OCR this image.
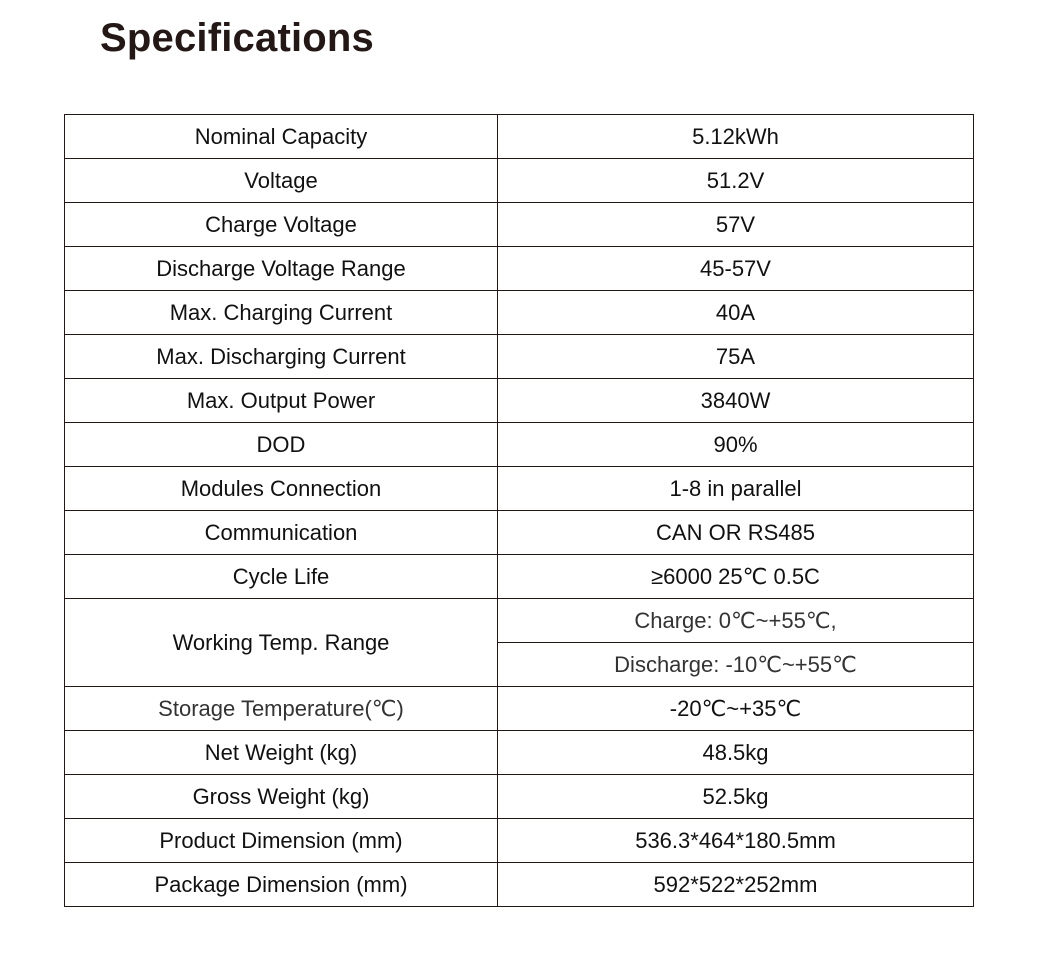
Specifications
Nominal Capacity	5.12kWh
Voltage	51.2V
Charge Voltage	57V
Discharge Voltage Range	45-57V
Max. Charging Current	40A
Max. Discharging Current	75A
Max. Output Power	3840W
DOD	90%
Modules Connection	1-8 in parallel
Communication	CAN OR RS485
Cycle Life	≥6000 25℃ 0.5C
Working Temp. Range	Charge: 0℃~+55℃,
	Discharge: -10℃~+55℃
Storage Temperature(℃)	-20℃~+35℃
Net Weight (kg)	48.5kg
Gross Weight (kg)	52.5kg
Product Dimension (mm)	536.3*464*180.5mm
Package Dimension (mm)	592*522*252mm
